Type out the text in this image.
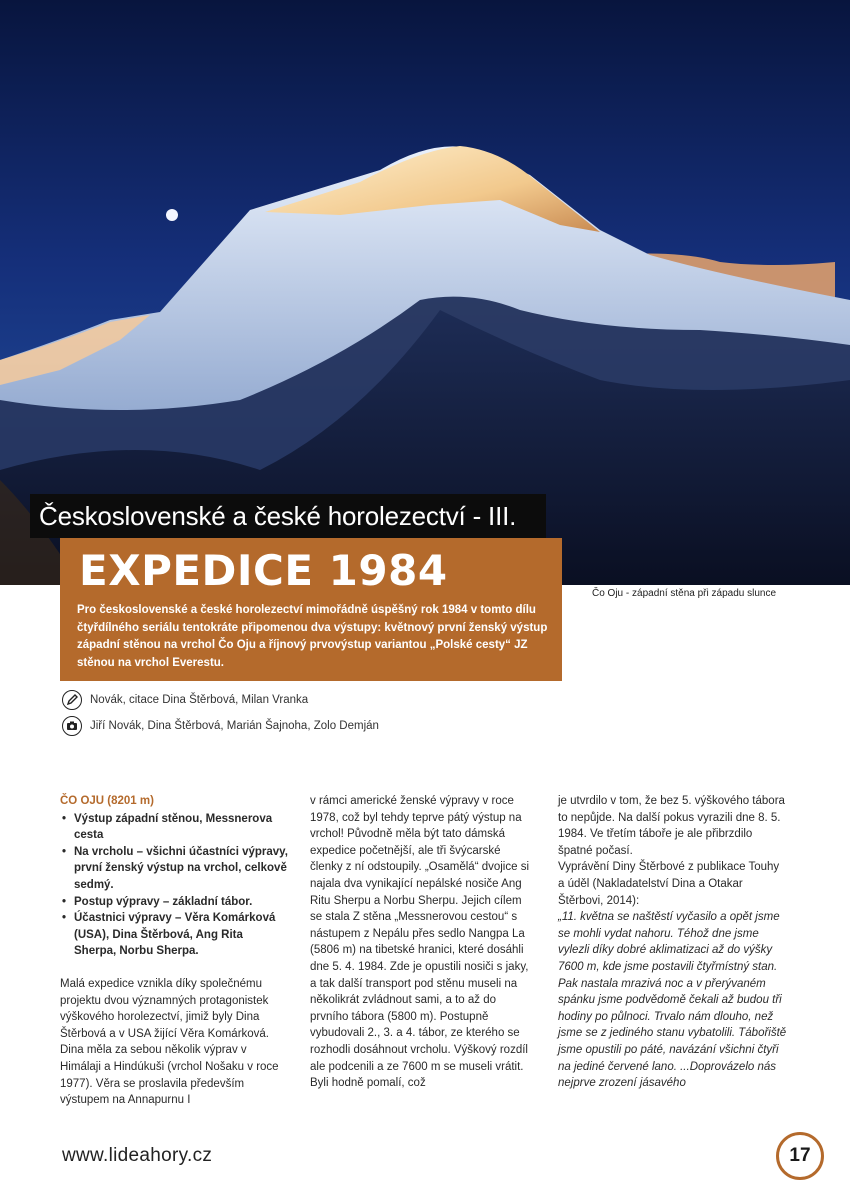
Československé a české horolezectví - III.
EXPEDICE 1984

Pro československé a české horolezectví mimořádně úspěšný rok 1984 v tomto dílu čtyřdílného seriálu tentokráte připomenou dva výstupy: květnový první ženský výstup západní stěnou na vrchol Čo Oju a říjnový prvovýstup variantou „Polské cesty“ JZ stěnou na vrchol Everestu.

Čo Oju - západní stěna při západu slunce
Novák, citace Dina Štěrbová, Milan Vranka
Jiří Novák, Dina Štěrbová, Marián Šajnoha, Zolo Demján
ČO OJU (8201 m)
• Výstup západní stěnou, Messnerova cesta
• Na vrcholu – všichni účastníci výpravy, první ženský výstup na vrchol, celkově sedmý.
• Postup výpravy – základní tábor.
• Účastnici výpravy – Věra Komárková (USA), Dina Štěrbová, Ang Rita Sherpa, Norbu Sherpa.

Malá expedice vznikla díky společnému projektu dvou významných protagonistek výškového horolezectví, jimiž byly Dina Štěrbová a v USA žijící Věra Komárková. Dina měla za sebou několik výprav v Himálaji a Hindúkuši (vrchol Nošaku v roce 1977). Věra se proslavila především výstupem na Annapurnu I

v rámci americké ženské výpravy v roce 1978, což byl tehdy teprve pátý výstup na vrchol! Původně měla být tato dámská expedice početnější, ale tři švýcarské členky z ní odstoupily. „Osamělá“ dvojice si najala dva vynikající nepálské nosiče Ang Ritu Sherpu a Norbu Sherpu. Jejich cílem se stala Z stěna „Messnerovou cestou“ s nástupem z Nepálu přes sedlo Nangpa La (5806 m) na tibetské hranici, které dosáhli dne 5. 4. 1984. Zde je opustili nosiči s jaky, a tak další transport pod stěnu museli na několikrát zvládnout sami, a to až do prvního tábora (5800 m). Postupně vybudovali 2., 3. a 4. tábor, ze kterého se rozhodli dosáhnout vrcholu. Výškový rozdíl ale podcenili a ze 7600 m se museli vrátit. Byli hodně pomalí, což

je utvrdilo v tom, že bez 5. výškového tábora to nepůjde. Na další pokus vyrazili dne 8. 5. 1984. Ve třetím táboře je ale přibrzdilo špatné počasí.

Vyprávění Diny Štěrbové z publikace Touhy a úděl (Nakladatelství Dina a Otakar Štěrbovi, 2014):

„11. května se naštěstí vyčasilo a opět jsme se mohli vydat nahoru. Téhož dne jsme vylezli díky dobré aklimatizaci až do výšky 7600 m, kde jsme postavili čtyřmístný stan. Pak nastala mrazivá noc a v přerývaném spánku jsme podvědomě čekali až budou tři hodiny po půlnoci. Trvalo nám dlouho, než jsme se z jediného stanu vybatolili. Tábořiště jsme opustili po páté, navázání všichni čtyři na jediné červené lano. ...Doprovázelo nás nejprve zrození jásavého

www.lideahory.cz	17
